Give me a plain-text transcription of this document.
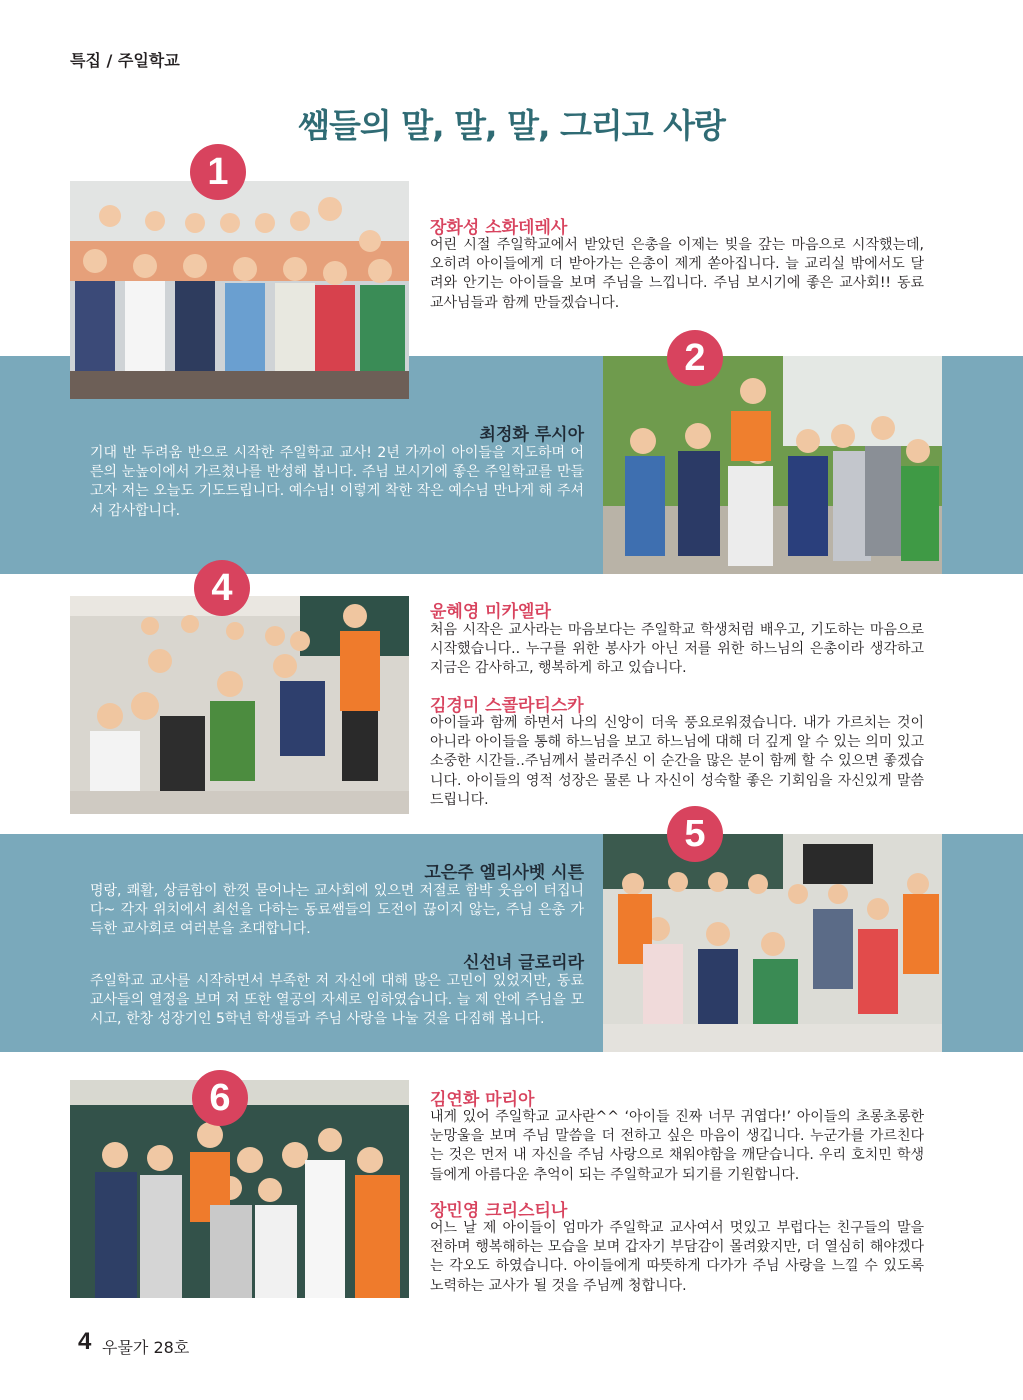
특집 / 주일학교
쌤들의 말, 말, 말, 그리고 사랑
1
장화성 소화데레사
어린 시절 주일학교에서 받았던 은총을 이제는 빚을 갚는 마음으로 시작했는데, 오히려 아이들에게 더 받아가는 은총이 제게 쏟아집니다. 늘 교리실 밖에서도 달려와 안기는 아이들을 보며 주님을 느낍니다. 주님 보시기에 좋은 교사회!! 동료 교사님들과 함께 만들겠습니다.
2
최정화 루시아
기대 반 두려움 반으로 시작한 주일학교 교사! 2년 가까이 아이들을 지도하며 어른의 눈높이에서 가르쳤나를 반성해 봅니다. 주님 보시기에 좋은 주일학교를 만들고자 저는 오늘도 기도드립니다. 예수님! 이렇게 착한 작은 예수님 만나게 해 주셔서 감사합니다.
4
윤혜영 미카엘라
처음 시작은 교사라는 마음보다는 주일학교 학생처럼 배우고, 기도하는 마음으로 시작했습니다.. 누구를 위한 봉사가 아닌 저를 위한 하느님의 은총이라 생각하고 지금은 감사하고, 행복하게 하고 있습니다.
김경미 스콜라티스카
아이들과 함께 하면서 나의 신앙이 더욱 풍요로워졌습니다. 내가 가르치는 것이 아니라 아이들을 통해 하느님을 보고 하느님에 대해 더 깊게 알 수 있는 의미 있고 소중한 시간들..주님께서 불러주신 이 순간을 많은 분이 함께 할 수 있으면 좋겠습니다. 아이들의 영적 성장은 물론 나 자신이 성숙할 좋은 기회임을 자신있게 말씀드립니다.
5
고은주 엘리사벳 시튼
명랑, 쾌활, 상큼함이 한껏 묻어나는 교사회에 있으면 저절로 함박 웃음이 터집니다~ 각자 위치에서 최선을 다하는 동료쌤들의 도전이 끊이지 않는, 주님 은총 가득한 교사회로 여러분을 초대합니다.
신선녀 글로리라
주일학교 교사를 시작하면서 부족한 저 자신에 대해 많은 고민이 있었지만, 동료 교사들의 열정을 보며 저 또한 열공의 자세로 임하였습니다. 늘 제 안에 주님을 모시고, 한창 성장기인 5학년 학생들과 주님 사랑을 나눌 것을 다짐해 봅니다.
6	김연화 마리아
내게 있어 주일학교 교사란^^ ‘아이들 진짜 너무 귀엽다!’ 아이들의 초롱초롱한 눈망울을 보며 주님 말씀을 더 전하고 싶은 마음이 생깁니다. 누군가를 가르친다는 것은 먼저 내 자신을 주님 사랑으로 채워야함을 깨닫습니다. 우리 호치민 학생들에게 아름다운 추억이 되는 주일학교가 되기를 기원합니다.
장민영 크리스티나
어느 날 제 아이들이 엄마가 주일학교 교사여서 멋있고 부럽다는 친구들의 말을 전하며 행복해하는 모습을 보며 갑자기 부담감이 몰려왔지만, 더 열심히 해야겠다는 각오도 하였습니다. 아이들에게 따뜻하게 다가가 주님 사랑을 느낄 수 있도록 노력하는 교사가 될 것을 주님께 청합니다.
4 우물가 28호
